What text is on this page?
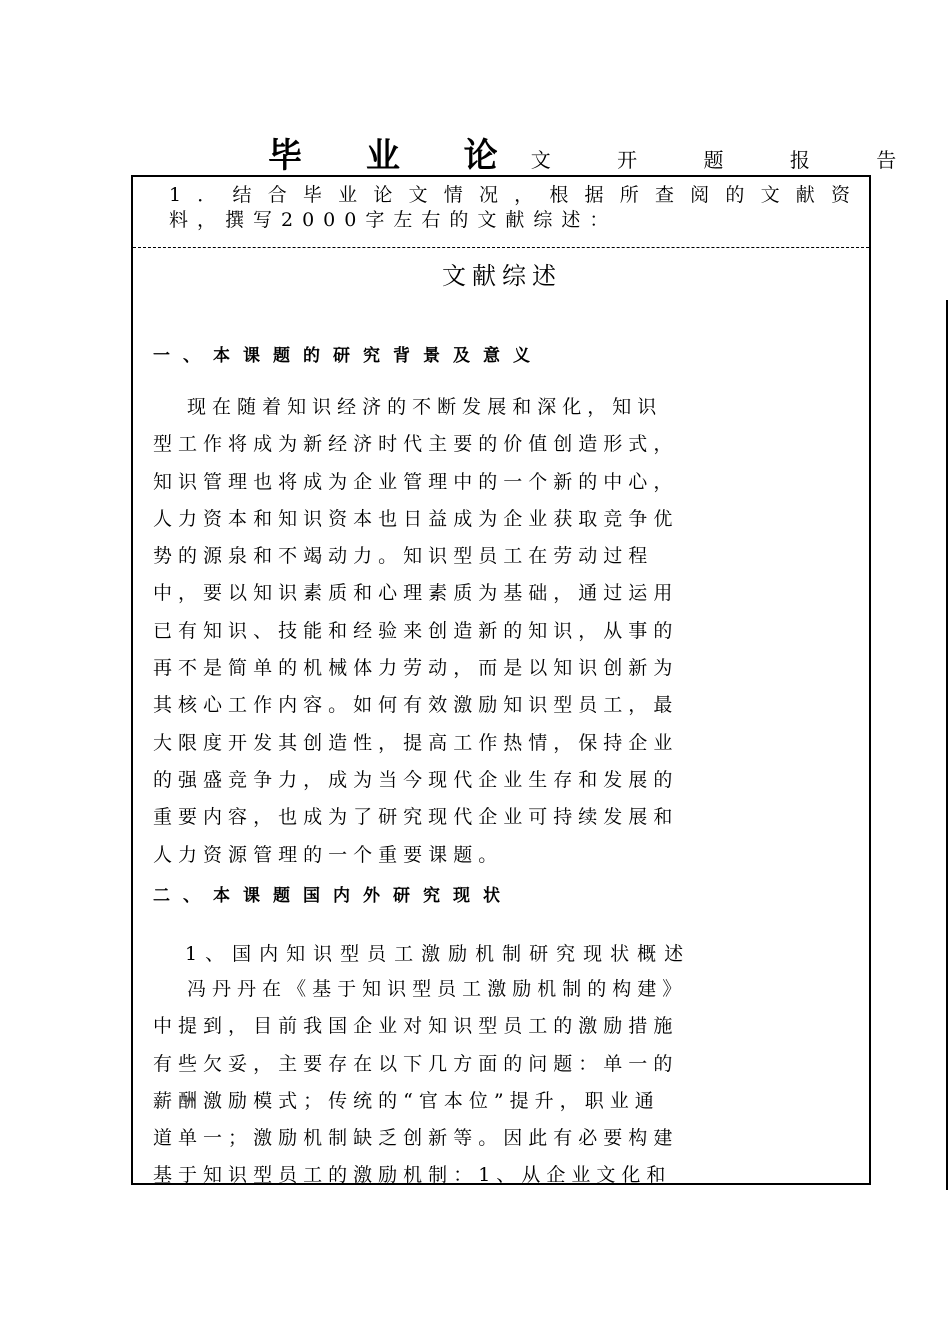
毕 业 论 文 开 题 报 告
1．结合毕业论文情况，根据所查阅的文献资
料，撰写2000字左右的文献综述：
文献综述
一、本课题的研究背景及意义
现在随着知识经济的不断发展和深化，知识
型工作将成为新经济时代主要的价值创造形式，
知识管理也将成为企业管理中的一个新的中心，
人力资本和知识资本也日益成为企业获取竞争优
势的源泉和不竭动力。知识型员工在劳动过程
中，要以知识素质和心理素质为基础，通过运用
已有知识、技能和经验来创造新的知识，从事的
再不是简单的机械体力劳动，而是以知识创新为
其核心工作内容。如何有效激励知识型员工，最
大限度开发其创造性，提高工作热情，保持企业
的强盛竞争力，成为当今现代企业生存和发展的
重要内容，也成为了研究现代企业可持续发展和
人力资源管理的一个重要课题。
二、本课题国内外研究现状
1、国内知识型员工激励机制研究现状概述
冯丹丹在《基于知识型员工激励机制的构建》
中提到，目前我国企业对知识型员工的激励措施
有些欠妥，主要存在以下几方面的问题：单一的
薪酬激励模式；传统的“官本位”提升，职业通
道单一；激励机制缺乏创新等。因此有必要构建
基于知识型员工的激励机制：1、从企业文化和
